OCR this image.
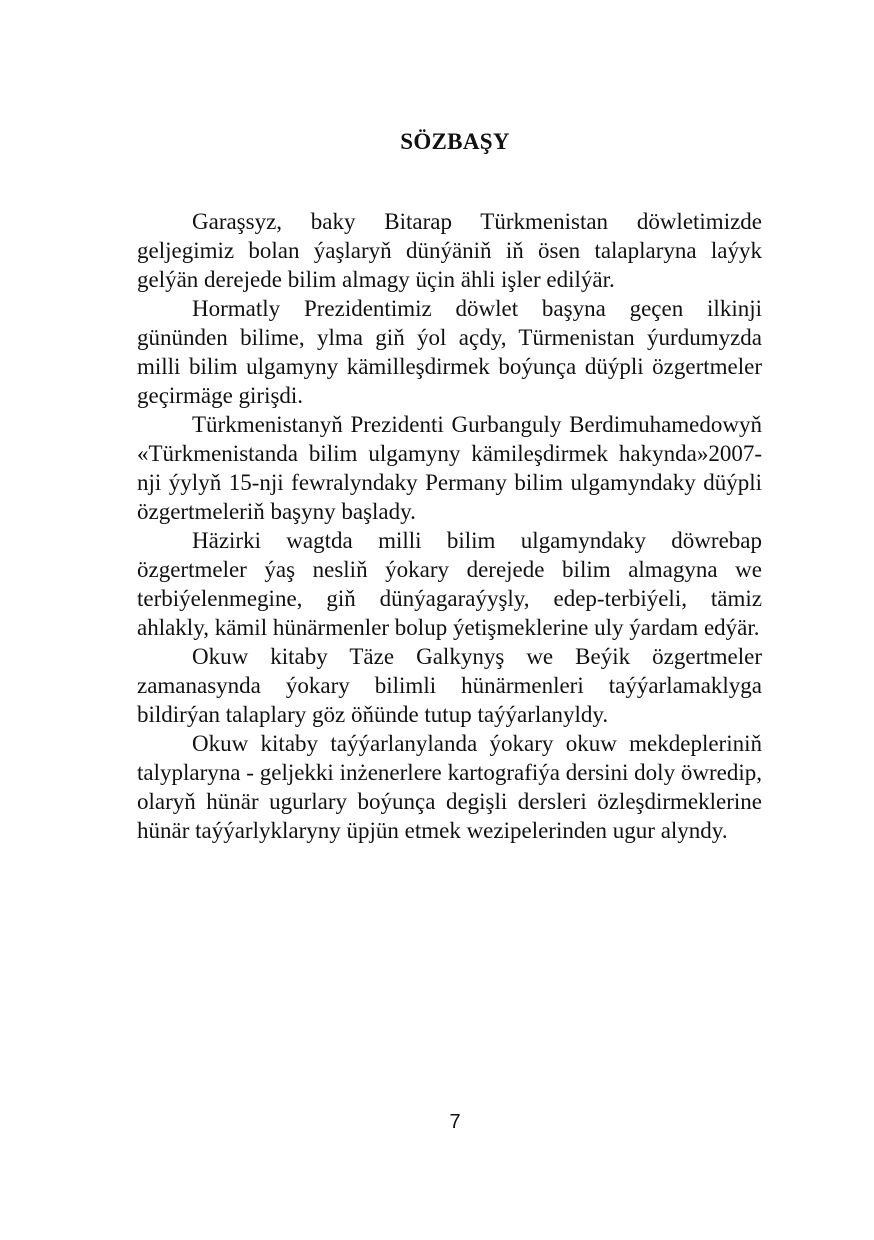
SÖZBAŞY

Garaşsyz, baky Bitarap Türkmenistan döwletimizde geljegimiz bolan ýaşlaryň dünýäniň iň ösen talaplaryna laýyk gelýän derejede bilim almagy üçin ähli işler edilýär.

Hormatly Prezidentimiz döwlet başyna geçen ilkinji gününden bilime, ylma giň ýol açdy, Türmenistan ýurdumyzda milli bilim ulgamyny kämilleşdirmek boýunça düýpli özgertmeler geçirmäge girişdi.

Türkmenistanyň Prezidenti Gurbanguly Berdimuhamedowyň «Türkmenistanda bilim ulgamyny kämileşdirmek hakynda»2007-nji ýylyň 15-nji fewralyndaky Permany bilim ulgamyndaky düýpli özgertmeleriň başyny başlady.

Häzirki wagtda milli bilim ulgamyndaky döwrebap özgertmeler ýaş nesliň ýokary derejede bilim almagyna we terbiýelenmegine, giň dünýagaraýyşly, edep-terbiýeli, tämiz ahlakly, kämil hünärmenler bolup ýetişmeklerine uly ýardam edýär.

Okuw kitaby Täze Galkynyş we Beýik özgertmeler zamanasynda ýokary bilimli hünärmenleri taýýarlamaklyga bildirýan talaplary göz öňünde tutup taýýarlanyldy.

Okuw kitaby taýýarlanylanda ýokary okuw mekdepleriniň talyplaryna - geljekki inżenerlere kartografiýa dersini doly öwredip, olaryň hünär ugurlary boýunça degişli dersleri özleşdirmeklerine hünär taýýarlyklaryny üpjün etmek wezipelerinden ugur alyndy.

7
